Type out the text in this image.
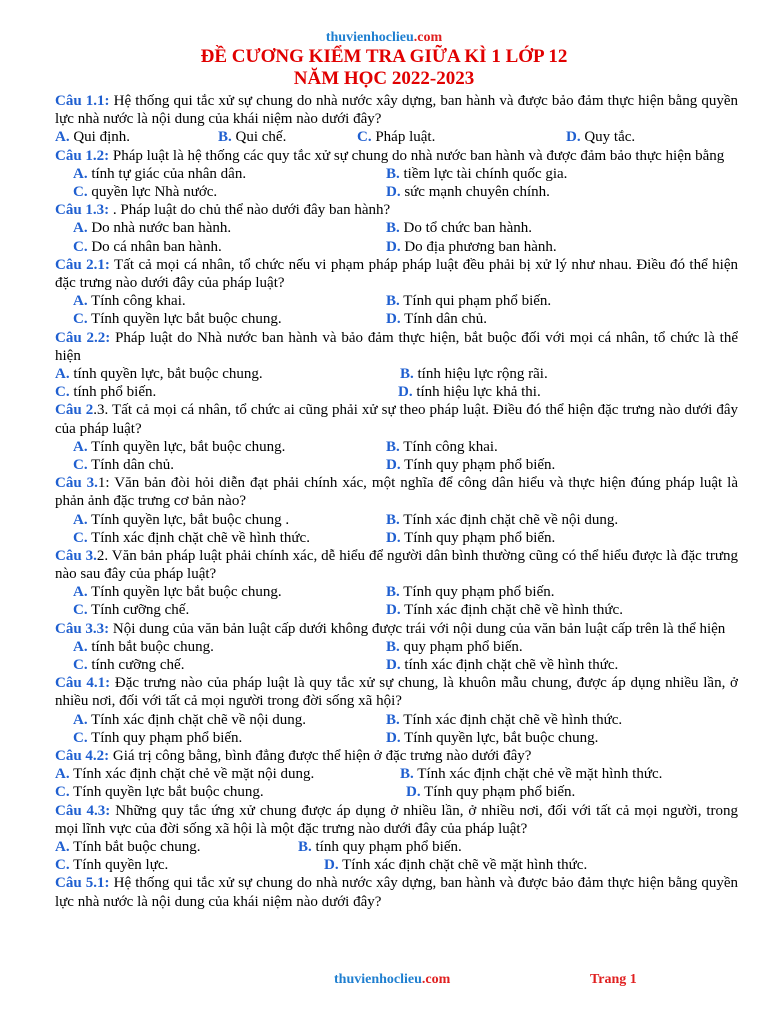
thuvienhoclieu.com
ĐỀ CƯƠNG KIỂM TRA GIỮA KÌ 1 LỚP 12
NĂM HỌC 2022-2023
Câu 1.1: Hệ thống qui tắc xử sự chung do nhà nước xây dựng, ban hành và được bảo đảm thực hiện bằng quyền lực nhà nước là nội dung của khái niệm nào dưới đây?
A. Qui định.	B. Qui chế.	C. Pháp luật.	D. Quy tắc.
Câu 1.2: Pháp luật là hệ thống các quy tắc xử sự chung do nhà nước ban hành và được đảm bảo thực hiện bằng
A. tính tự giác của nhân dân.	B. tiềm lực tài chính quốc gia.
C. quyền lực Nhà nước.	D. sức mạnh chuyên chính.
Câu 1.3: . Pháp luật do chủ thể nào dưới đây ban hành?
A. Do nhà nước ban hành.	B. Do tổ chức ban hành.
C. Do cá nhân ban hành.	D. Do địa phương ban hành.
Câu 2.1: Tất cả mọi cá nhân, tổ chức nếu vi phạm pháp pháp luật đều phải bị xử lý như nhau. Điều đó thể hiện đặc trưng nào dưới đây của pháp luật?
A. Tính công khai.	B. Tính qui phạm phổ biến.
C. Tính quyền lực bắt buộc chung.	D. Tính dân chủ.
Câu 2.2: Pháp luật do Nhà nước ban hành và bảo đảm thực hiện, bắt buộc đối với mọi cá nhân, tổ chức là thể hiện
A. tính quyền lực, bắt buộc chung.	B. tính hiệu lực rộng rãi.
C. tính phổ biến.	D. tính hiệu lực khả thi.
Câu 2.3. Tất cả mọi cá nhân, tổ chức ai cũng phải xử sự theo pháp luật. Điều đó thể hiện đặc trưng nào dưới đây của pháp luật?
A. Tính quyền lực, bắt buộc chung.	B. Tính công khai.
C. Tính dân chủ.	D. Tính quy phạm phổ biến.
Câu 3.1: Văn bản đòi hỏi diễn đạt phải chính xác, một nghĩa để công dân hiểu và thực hiện đúng pháp luật là phản ảnh đặc trưng cơ bản nào?
A. Tính quyền lực, bắt buộc chung .	B. Tính xác định chặt chẽ về nội dung.
C. Tính xác định chặt chẽ về hình thức.	D. Tính quy phạm phổ biến.
Câu 3.2. Văn bản pháp luật phải chính xác, dễ hiểu để người dân bình thường cũng có thể hiểu được là đặc trưng nào sau đây của pháp luật?
A. Tính quyền lực bắt buộc chung.	B. Tính quy phạm phổ biến.
C. Tính cưỡng chế.	D. Tính xác định chặt chẽ về hình thức.
Câu 3.3: Nội dung của văn bản luật cấp dưới không được trái với nội dung của văn bản luật cấp trên là thể hiện
A. tính bắt buộc chung.	B. quy phạm phổ biến.
C. tính cưỡng chế.	D. tính xác định chặt chẽ về hình thức.
Câu 4.1: Đặc trưng nào của pháp luật là quy tắc xử sự chung, là khuôn mẫu chung, được áp dụng nhiều lần, ở nhiều nơi, đối với tất cả mọi người trong đời sống xã hội?
A. Tính xác định chặt chẽ về nội dung.	B. Tính xác định chặt chẽ về hình thức.
C. Tính quy phạm phổ biến.	D. Tính quyền lực, bắt buộc chung.
Câu 4.2: Giá trị công bằng, bình đẳng được thể hiện ở đặc trưng nào dưới đây?
A. Tính xác định chặt chẻ về mặt nội dung.	B. Tính xác định chặt chẻ về mặt hình thức.
C. Tính quyền lực bắt buộc chung.	D. Tính quy phạm phổ biến.
Câu 4.3: Những quy tắc ứng xử chung được áp dụng ở nhiều lần, ở nhiều nơi, đối với tất cả mọi người, trong mọi lĩnh vực của đời sống xã hội là một đặc trưng nào dưới đây của pháp luật?
A. Tính bắt buộc chung.	B. tính quy phạm phổ biến.
C. Tính quyền lực.	D. Tính xác định chặt chẽ về mặt hình thức.
Câu 5.1: Hệ thống qui tắc xử sự chung do nhà nước xây dựng, ban hành và được bảo đảm thực hiện bằng quyền lực nhà nước là nội dung của khái niệm nào dưới đây?
thuvienhoclieu.com	Trang 1
